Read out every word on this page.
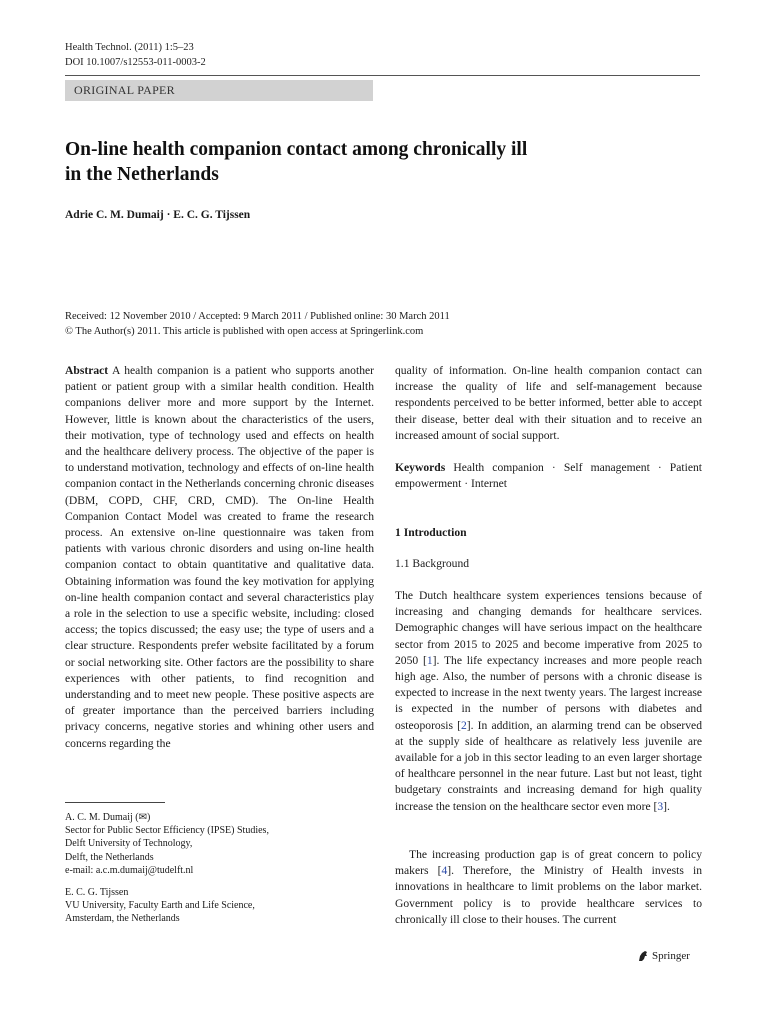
Health Technol. (2011) 1:5–23
DOI 10.1007/s12553-011-0003-2
ORIGINAL PAPER
On-line health companion contact among chronically ill
in the Netherlands
Adrie C. M. Dumaij · E. C. G. Tijssen
Received: 12 November 2010 / Accepted: 9 March 2011 / Published online: 30 March 2011
© The Author(s) 2011. This article is published with open access at Springerlink.com
Abstract A health companion is a patient who supports another patient or patient group with a similar health condition. Health companions deliver more and more support by the Internet. However, little is known about the characteristics of the users, their motivation, type of technology used and effects on health and the healthcare delivery process. The objective of the paper is to understand motivation, technology and effects of on-line health companion contact in the Netherlands concerning chronic diseases (DBM, COPD, CHF, CRD, CMD). The On-line Health Companion Contact Model was created to frame the research process. An extensive on-line questionnaire was taken from patients with various chronic disorders and using on-line health companion contact to obtain quantitative and qualitative data. Obtaining information was found the key motivation for applying on-line health companion contact and several characteristics play a role in the selection to use a specific website, including: closed access; the topics discussed; the easy use; the type of users and a clear structure. Respondents prefer website facilitated by a forum or social networking site. Other factors are the possibility to share experiences with other patients, to find recognition and understanding and to meet new people. These positive aspects are of greater importance than the perceived barriers including privacy concerns, negative stories and whining other users and concerns regarding the
A. C. M. Dumaij (✉)
Sector for Public Sector Efficiency (IPSE) Studies,
Delft University of Technology,
Delft, the Netherlands
e-mail: a.c.m.dumaij@tudelft.nl
E. C. G. Tijssen
VU University, Faculty Earth and Life Science,
Amsterdam, the Netherlands
quality of information. On-line health companion contact can increase the quality of life and self-management because respondents perceived to be better informed, better able to accept their disease, better deal with their situation and to receive an increased amount of social support.
Keywords Health companion · Self management · Patient empowerment · Internet
1 Introduction
1.1 Background
The Dutch healthcare system experiences tensions because of increasing and changing demands for healthcare services. Demographic changes will have serious impact on the healthcare sector from 2015 to 2025 and become imperative from 2025 to 2050 [1]. The life expectancy increases and more people reach high age. Also, the number of persons with a chronic disease is expected to increase in the next twenty years. The largest increase is expected in the number of persons with diabetes and osteoporosis [2]. In addition, an alarming trend can be observed at the supply side of healthcare as relatively less juvenile are available for a job in this sector leading to an even larger shortage of healthcare personnel in the near future. Last but not least, tight budgetary constraints and increasing demand for high quality increase the tension on the healthcare sector even more [3].
The increasing production gap is of great concern to policy makers [4]. Therefore, the Ministry of Health invests in innovations in healthcare to limit problems on the labor market. Government policy is to provide healthcare services to chronically ill close to their houses. The current
Springer
